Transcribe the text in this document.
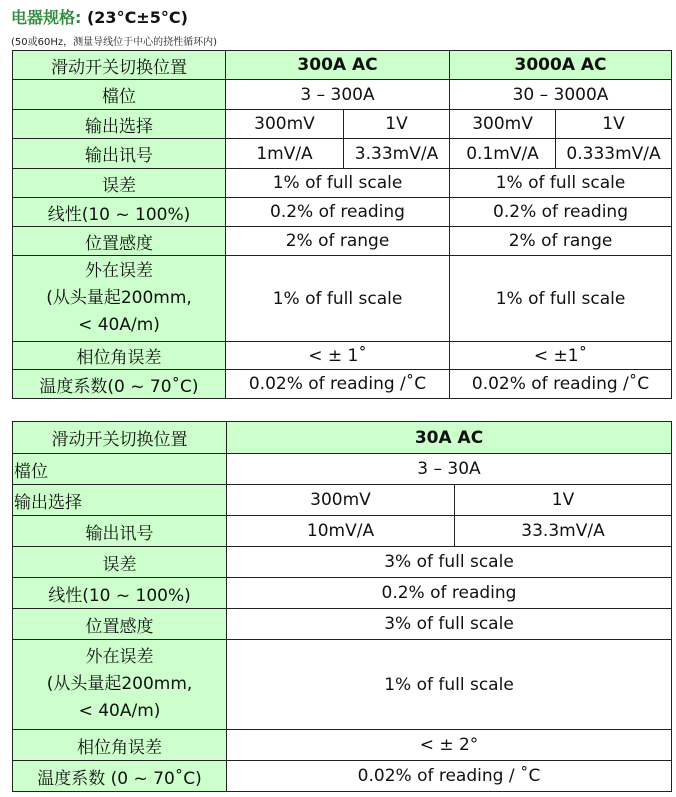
电器规格: (23°C±5°C)
(50或60Hz，测量导线位于中心的挠性循环内)
滑动开关切换位置	300A AC		3000A AC	
檔位	3 – 300A		30 – 3000A	
输出选择	300mV	1V	300mV	1V
输出讯号	1mV/A	3.33mV/A	0.1mV/A	0.333mV/A
误差	1% of full scale		1% of full scale	
线性(10 ~ 100%)	0.2% of reading		0.2% of reading	
位置感度	2% of range		2% of range	
外在误差
(从头量起200mm,
< 40A/m)	1% of full scale		1% of full scale	
相位角误差	< ± 1˚		< ±1˚	
温度系数(0 ~ 70˚C)	0.02% of reading /˚C		0.02% of reading /˚C	
滑动开关切换位置	30A AC	
檔位	3 – 30A	
输出选择	300mV	1V
输出讯号	10mV/A	33.3mV/A
误差	3% of full scale	
线性(10 ~ 100%)	0.2% of reading	
位置感度	3% of full scale	
外在误差
(从头量起200mm,
< 40A/m)	1% of full scale	
相位角误差	< ± 2°	
温度系数 (0 ~ 70˚C)	0.02% of reading / ˚C	
